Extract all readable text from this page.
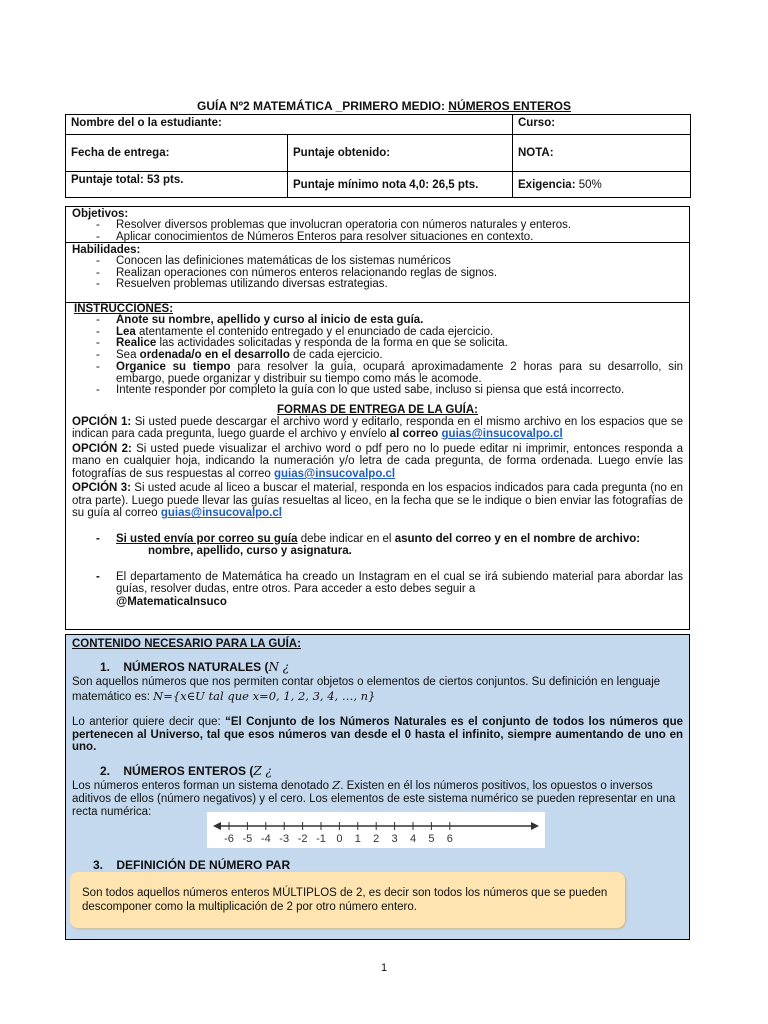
GUÍA Nº2 MATEMÁTICA _PRIMERO MEDIO: NÚMEROS ENTEROS
Nombre del o la estudiante:		Curso:
Fecha de entrega:	Puntaje obtenido:	NOTA:
Puntaje total: 53 pts.	Puntaje mínimo nota 4,0: 26,5 pts.	Exigencia: 50%
Objetivos:
-	Resolver diversos problemas que involucran operatoria con números naturales y enteros.
-	Aplicar conocimientos de Números Enteros para resolver situaciones en contexto.
Habilidades:
-	Conocen las definiciones matemáticas de los sistemas numéricos
-	Realizan operaciones con números enteros relacionando reglas de signos.
-	Resuelven problemas utilizando diversas estrategias.
INSTRUCCIONES:
-	Anote su nombre, apellido y curso al inicio de esta guía.
-	Lea atentamente el contenido entregado y el enunciado de cada ejercicio.
-	Realice las actividades solicitadas y responda de la forma en que se solicita.
-	Sea ordenada/o en el desarrollo de cada ejercicio.
-	Organice su tiempo para resolver la guía, ocupará aproximadamente 2 horas para su desarrollo, sin embargo, puede organizar y distribuir su tiempo como más le acomode.
-	Intente responder por completo la guía con lo que usted sabe, incluso si piensa que está incorrecto.
FORMAS DE ENTREGA DE LA GUÍA:
OPCIÓN 1: Si usted puede descargar el archivo word y editarlo, responda en el mismo archivo en los espacios que se indican para cada pregunta, luego guarde el archivo y envíelo al correo guias@insucovalpo.cl
OPCIÓN 2: Si usted puede visualizar el archivo word o pdf pero no lo puede editar ni imprimir, entonces responda a mano en cualquier hoja, indicando la numeración y/o letra de cada pregunta, de forma ordenada. Luego envíe las fotografías de sus respuestas al correo guias@insucovalpo.cl
OPCIÓN 3: Si usted acude al liceo a buscar el material, responda en los espacios indicados para cada pregunta (no en otra parte). Luego puede llevar las guías resueltas al liceo, en la fecha que se le indique o bien enviar las fotografías de su guía al correo guias@insucovalpo.cl
-	Si usted envía por correo su guía debe indicar en el asunto del correo y en el nombre de archivo:
nombre, apellido, curso y asignatura.
-	El departamento de Matemática ha creado un Instagram en el cual se irá subiendo material para abordar las guías, resolver dudas, entre otros. Para acceder a esto debes seguir a
@MatematicaInsuco
CONTENIDO NECESARIO PARA LA GUÍA:
1. NÚMEROS NATURALES (N ¿
Son aquellos números que nos permiten contar objetos o elementos de ciertos conjuntos. Su definición en lenguaje matemático es: N={x∈U tal que x=0, 1, 2, 3, 4, …, n}
Lo anterior quiere decir que: “El Conjunto de los Números Naturales es el conjunto de todos los números que pertenecen al Universo, tal que esos números van desde el 0 hasta el infinito, siempre aumentando de uno en uno.
2. NÚMEROS ENTEROS (Z ¿
Los números enteros forman un sistema denotado Z. Existen en él los números positivos, los opuestos o inversos aditivos de ellos (número negativos) y el cero. Los elementos de este sistema numérico se pueden representar en una recta numérica:
-6 -5 -4 -3 -2 -1 0 1 2 3 4 5 6
3. DEFINICIÓN DE NÚMERO PAR
Son todos aquellos números enteros MÚLTIPLOS de 2, es decir son todos los números que se pueden descomponer como la multiplicación de 2 por otro número entero.
1
